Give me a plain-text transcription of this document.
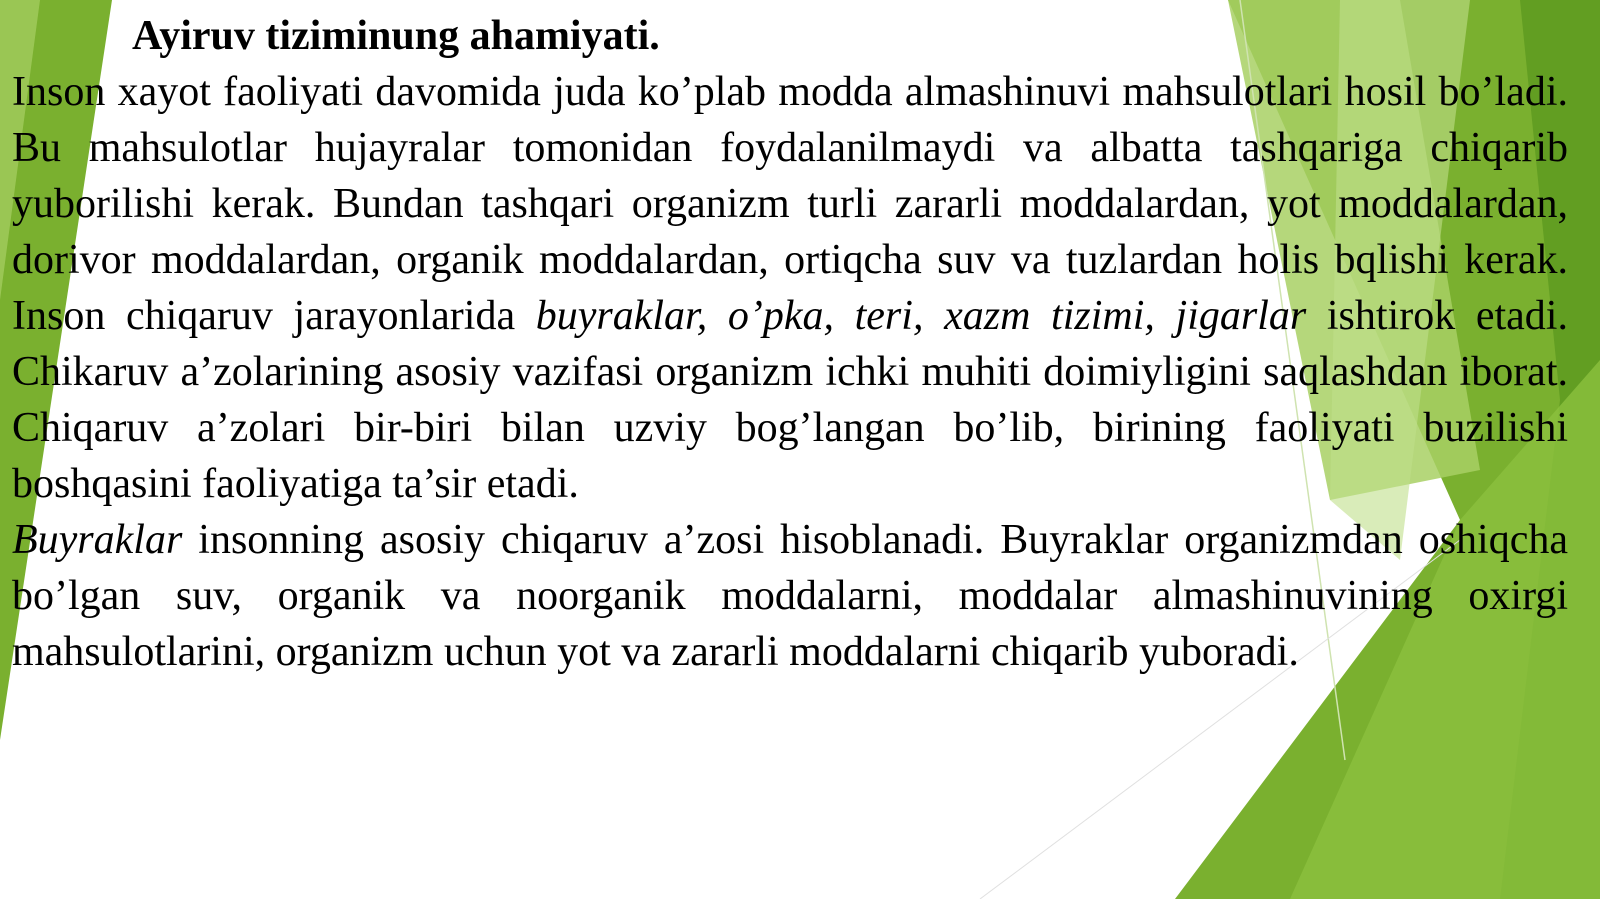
Ayiruv tiziminung ahamiyati.

Inson xayot faoliyati davomida juda ko’plab modda almashinuvi mahsulotlari hosil bo’ladi. Bu mahsulotlar hujayralar tomonidan foydalanilmaydi va albatta tashqariga chiqarib yuborilishi kerak. Bundan tashqari organizm turli zararli moddalardan, yot moddalardan, dorivor moddalardan, organik moddalardan, ortiqcha suv va tuzlardan holis bqlishi kerak. Inson chiqaruv jarayonlarida buyraklar, o’pka, teri, xazm tizimi, jigarlar ishtirok etadi. Chikaruv a’zolarining asosiy vazifasi organizm ichki muhiti doimiyligini saqlashdan iborat. Chiqaruv a’zolari bir-biri bilan uzviy bog’langan bo’lib, birining faoliyati buzilishi boshqasini faoliyatiga ta’sir etadi.

Buyraklar insonning asosiy chiqaruv a’zosi hisoblanadi. Buyraklar organizmdan oshiqcha bo’lgan suv, organik va noorganik moddalarni, moddalar almashinuvining oxirgi mahsulotlarini, organizm uchun yot va zararli moddalarni chiqarib yuboradi.
